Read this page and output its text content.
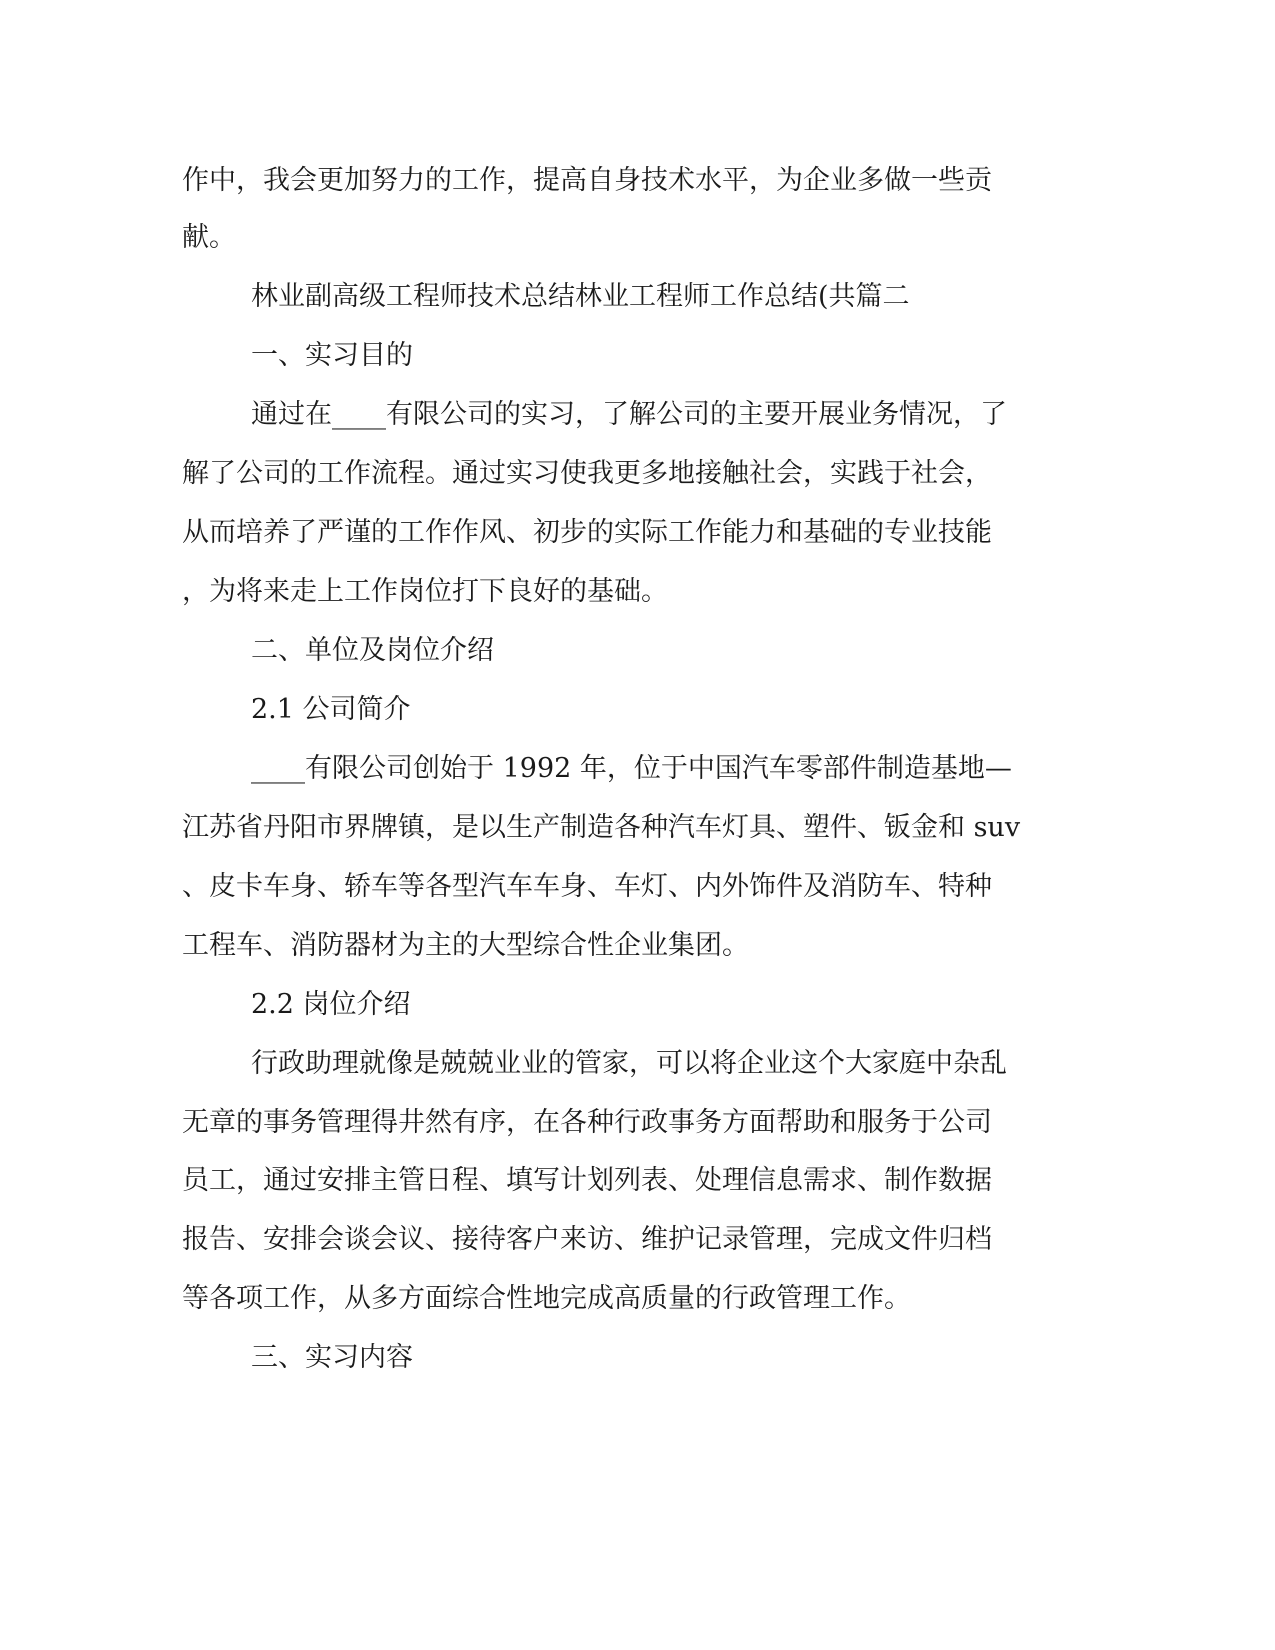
作中，我会更加努力的工作，提高自身技术水平，为企业多做一些贡
献。
林业副高级工程师技术总结林业工程师工作总结(共篇二
一、实习目的
通过在____有限公司的实习，了解公司的主要开展业务情况，了
解了公司的工作流程。通过实习使我更多地接触社会，实践于社会，
从而培养了严谨的工作作风、初步的实际工作能力和基础的专业技能
，为将来走上工作岗位打下良好的基础。
二、单位及岗位介绍
2.1 公司简介
____有限公司创始于 1992 年，位于中国汽车零部件制造基地—
江苏省丹阳市界牌镇，是以生产制造各种汽车灯具、塑件、钣金和 suv
、皮卡车身、轿车等各型汽车车身、车灯、内外饰件及消防车、特种
工程车、消防器材为主的大型综合性企业集团。
2.2 岗位介绍
行政助理就像是兢兢业业的管家，可以将企业这个大家庭中杂乱
无章的事务管理得井然有序，在各种行政事务方面帮助和服务于公司
员工，通过安排主管日程、填写计划列表、处理信息需求、制作数据
报告、安排会谈会议、接待客户来访、维护记录管理，完成文件归档
等各项工作，从多方面综合性地完成高质量的行政管理工作。
三、实习内容
